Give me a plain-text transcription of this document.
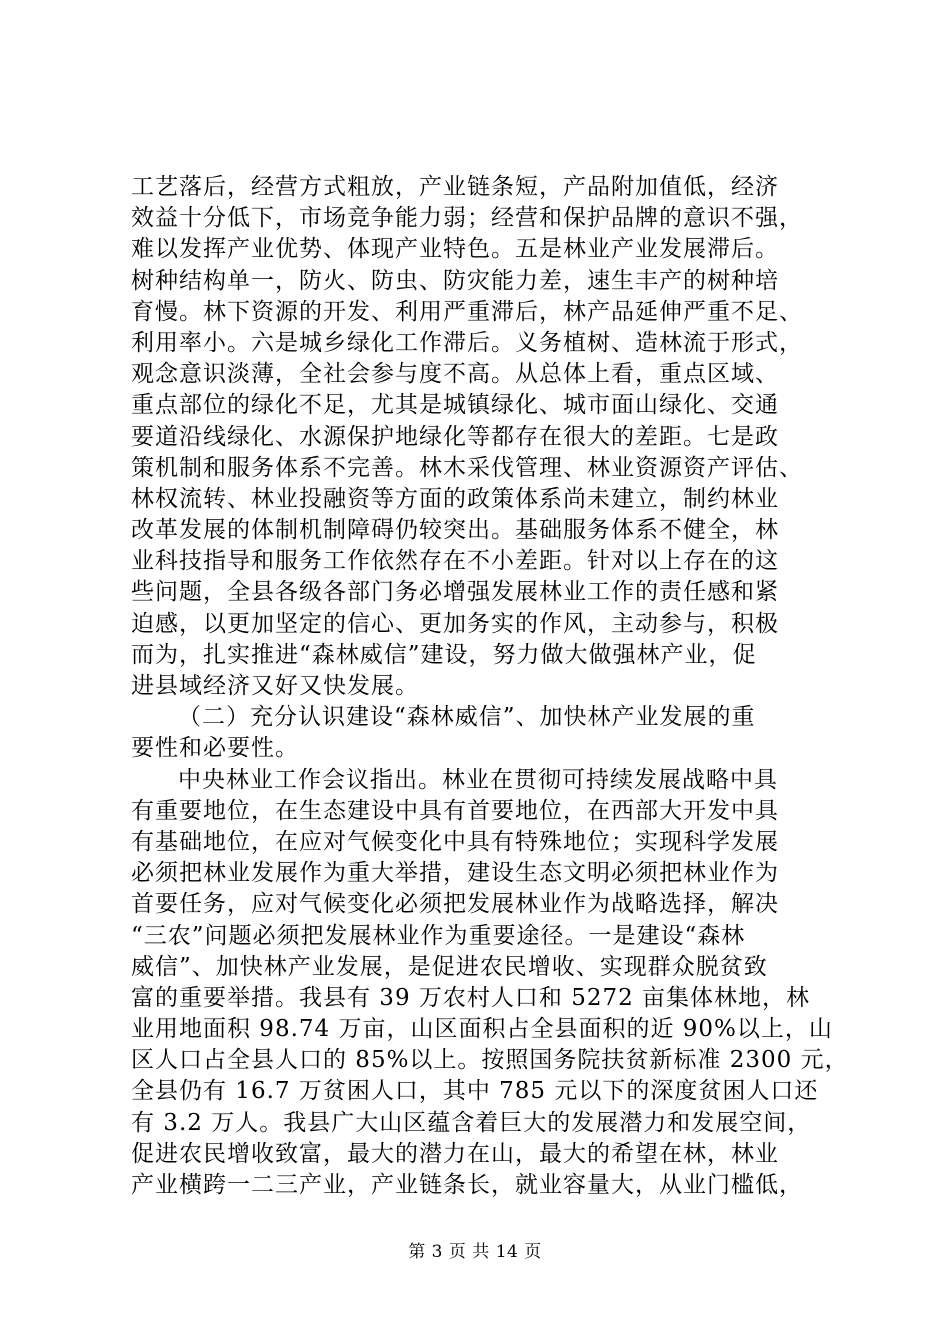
工艺落后，经营方式粗放，产业链条短，产品附加值低，经济
效益十分低下，市场竞争能力弱；经营和保护品牌的意识不强，
难以发挥产业优势、体现产业特色。五是林业产业发展滞后。
树种结构单一，防火、防虫、防灾能力差，速生丰产的树种培
育慢。林下资源的开发、利用严重滞后，林产品延伸严重不足、
利用率小。六是城乡绿化工作滞后。义务植树、造林流于形式，
观念意识淡薄，全社会参与度不高。从总体上看，重点区域、
重点部位的绿化不足，尤其是城镇绿化、城市面山绿化、交通
要道沿线绿化、水源保护地绿化等都存在很大的差距。七是政
策机制和服务体系不完善。林木采伐管理、林业资源资产评估、
林权流转、林业投融资等方面的政策体系尚未建立，制约林业
改革发展的体制机制障碍仍较突出。基础服务体系不健全，林
业科技指导和服务工作依然存在不小差距。针对以上存在的这
些问题，全县各级各部门务必增强发展林业工作的责任感和紧
迫感，以更加坚定的信心、更加务实的作风，主动参与，积极
而为，扎实推进“森林威信”建设，努力做大做强林产业，促
进县域经济又好又快发展。
（二）充分认识建设“森林威信”、加快林产业发展的重
要性和必要性。
中央林业工作会议指出。林业在贯彻可持续发展战略中具
有重要地位，在生态建设中具有首要地位，在西部大开发中具
有基础地位，在应对气候变化中具有特殊地位；实现科学发展
必须把林业发展作为重大举措，建设生态文明必须把林业作为
首要任务，应对气候变化必须把发展林业作为战略选择，解决
“三农”问题必须把发展林业作为重要途径。一是建设“森林
威信”、加快林产业发展，是促进农民增收、实现群众脱贫致
富的重要举措。我县有 39 万农村人口和 5272 亩集体林地，林
业用地面积 98.74 万亩，山区面积占全县面积的近 90%以上，山
区人口占全县人口的 85%以上。按照国务院扶贫新标准 2300 元，
全县仍有 16.7 万贫困人口，其中 785 元以下的深度贫困人口还
有 3.2 万人。我县广大山区蕴含着巨大的发展潜力和发展空间，
促进农民增收致富，最大的潜力在山，最大的希望在林，林业
产业横跨一二三产业，产业链条长，就业容量大，从业门槛低，
第 3 页 共 14 页
